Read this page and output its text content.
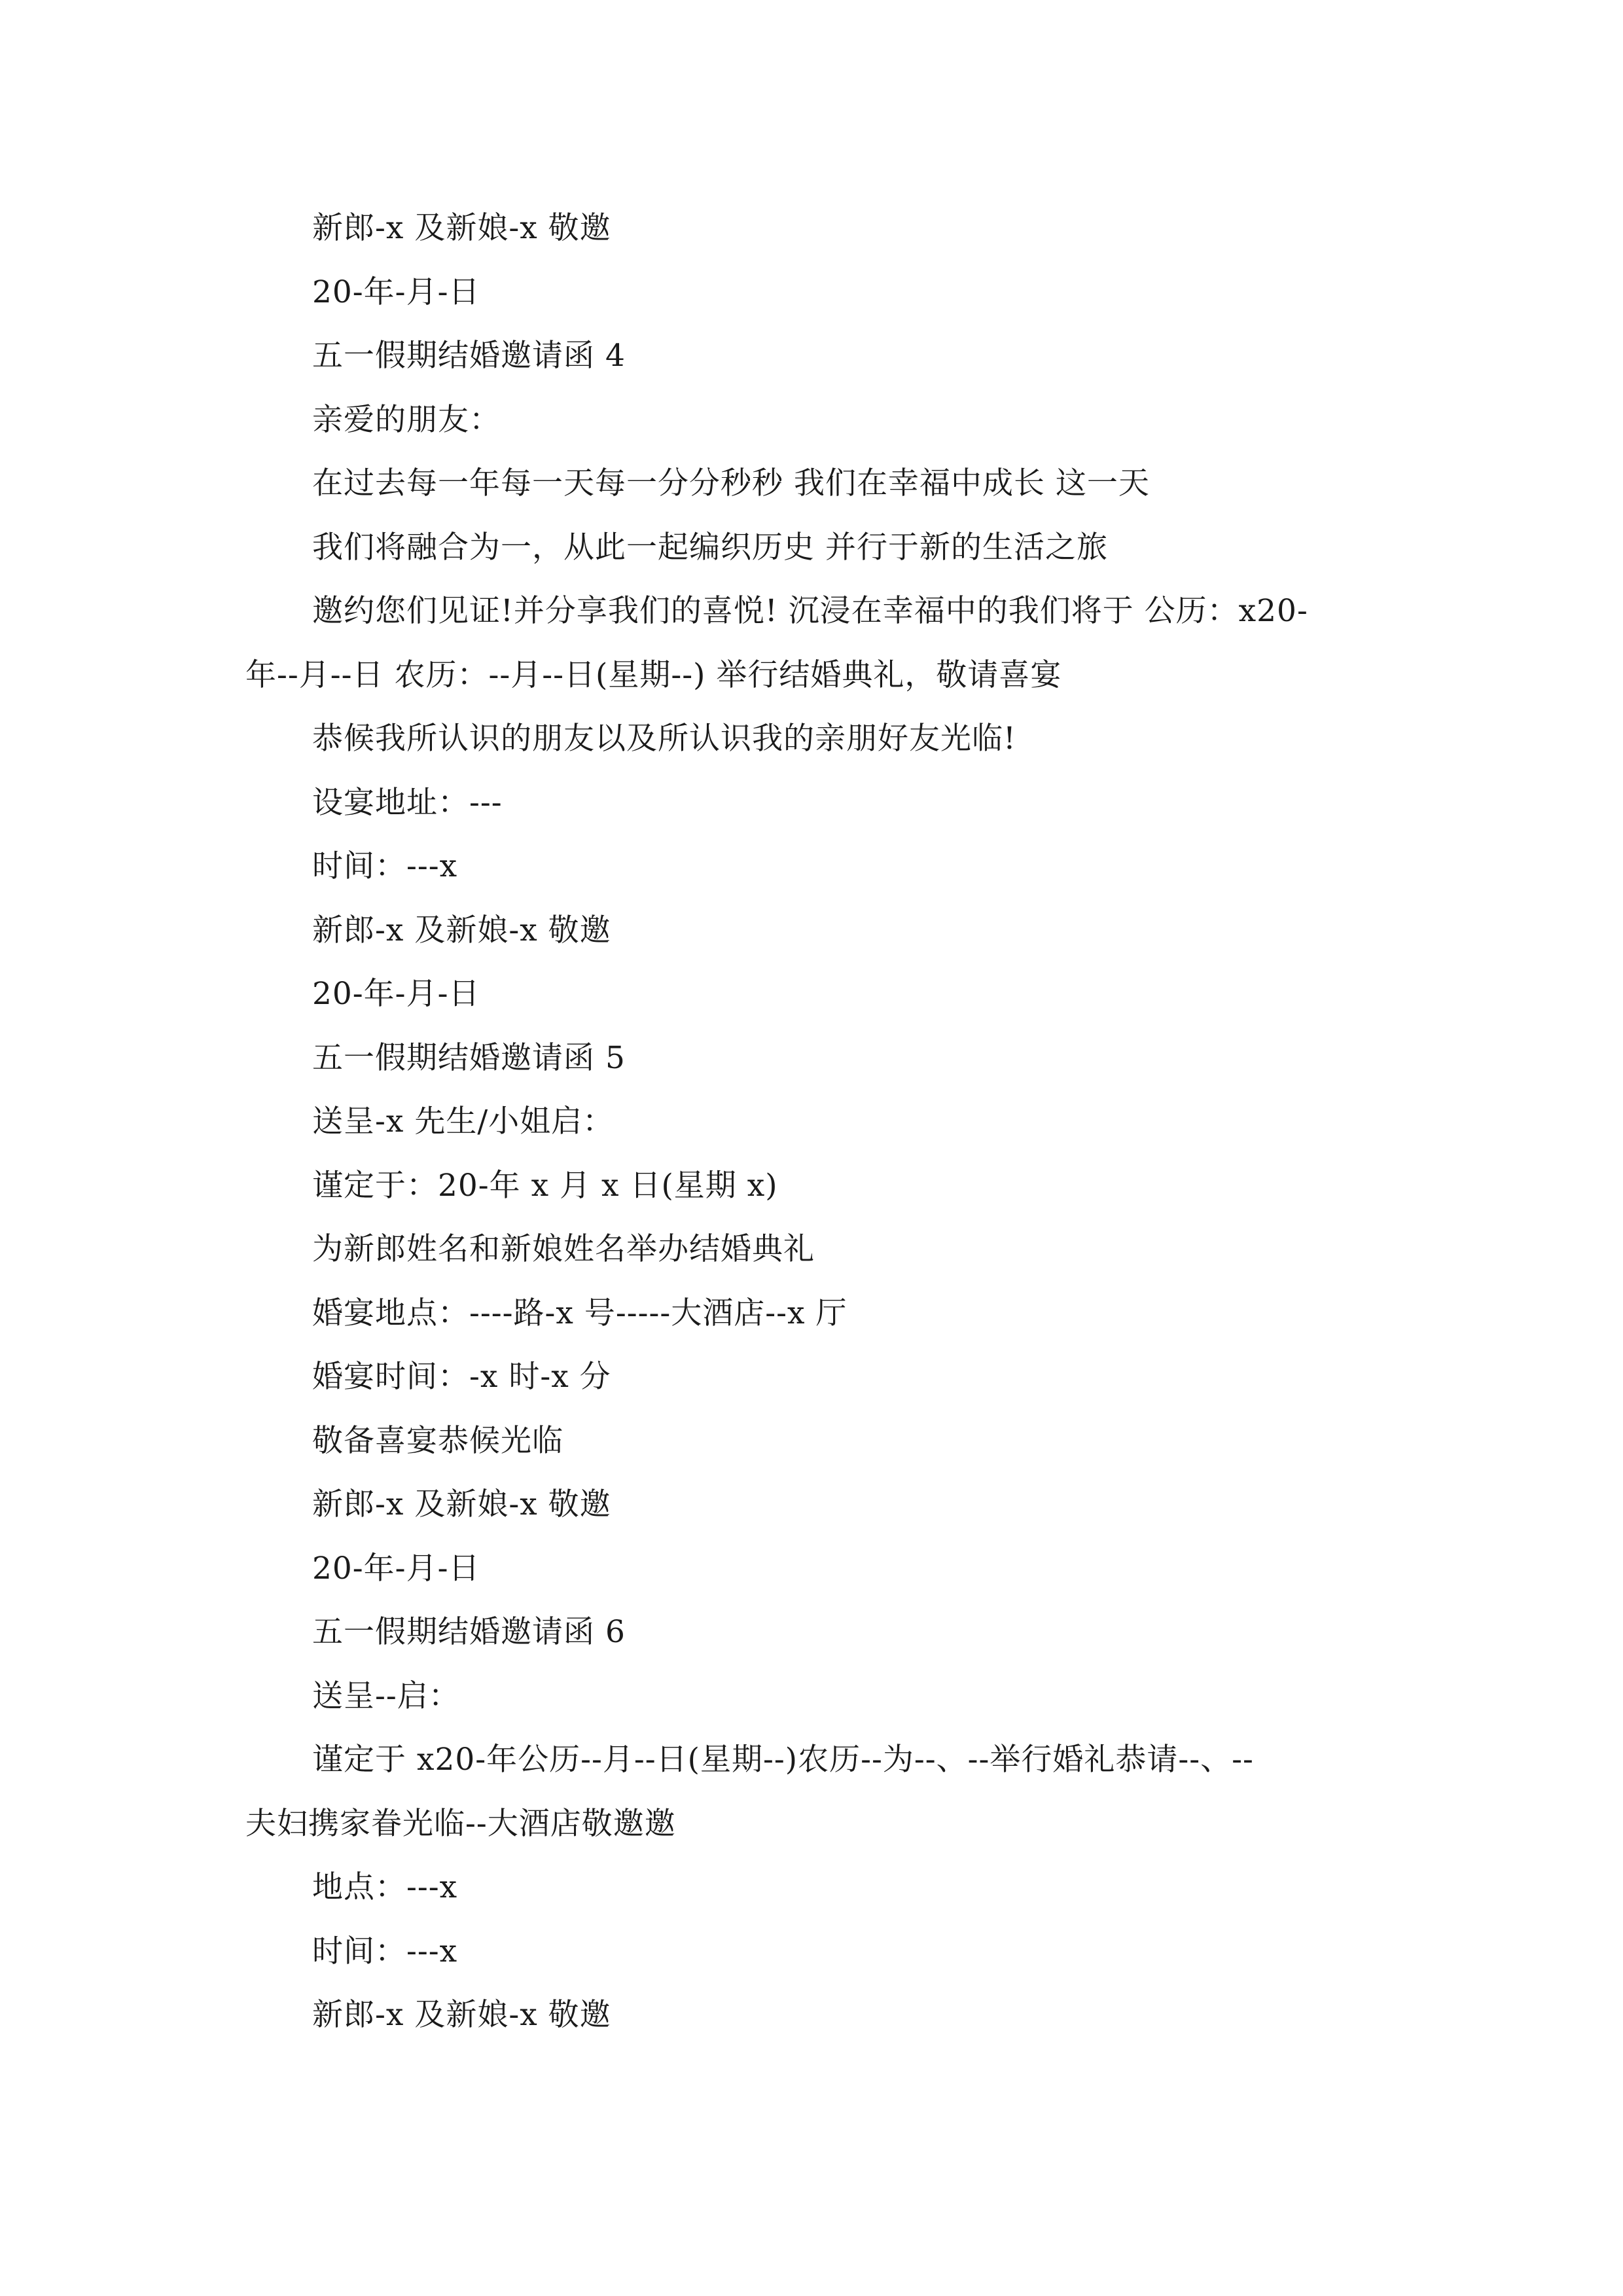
新郎-x 及新娘-x 敬邀
20-年-月-日
五一假期结婚邀请函 4
亲爱的朋友：
在过去每一年每一天每一分分秒秒 我们在幸福中成长 这一天
我们将融合为一，从此一起编织历史 并行于新的生活之旅
邀约您们见证!并分享我们的喜悦! 沉浸在幸福中的我们将于 公历：x20-
年--月--日 农历：--月--日(星期--) 举行结婚典礼，敬请喜宴
恭候我所认识的朋友以及所认识我的亲朋好友光临!
设宴地址：---
时间：---x
新郎-x 及新娘-x 敬邀
20-年-月-日
五一假期结婚邀请函 5
送呈-x 先生/小姐启：
谨定于：20-年 x 月 x 日(星期 x)
为新郎姓名和新娘姓名举办结婚典礼
婚宴地点：----路-x 号-----大酒店--x 厅
婚宴时间：-x 时-x 分
敬备喜宴恭候光临
新郎-x 及新娘-x 敬邀
20-年-月-日
五一假期结婚邀请函 6
送呈--启：
谨定于 x20-年公历--月--日(星期--)农历--为--、--举行婚礼恭请--、--
夫妇携家眷光临--大酒店敬邀邀
地点：---x
时间：---x
新郎-x 及新娘-x 敬邀
